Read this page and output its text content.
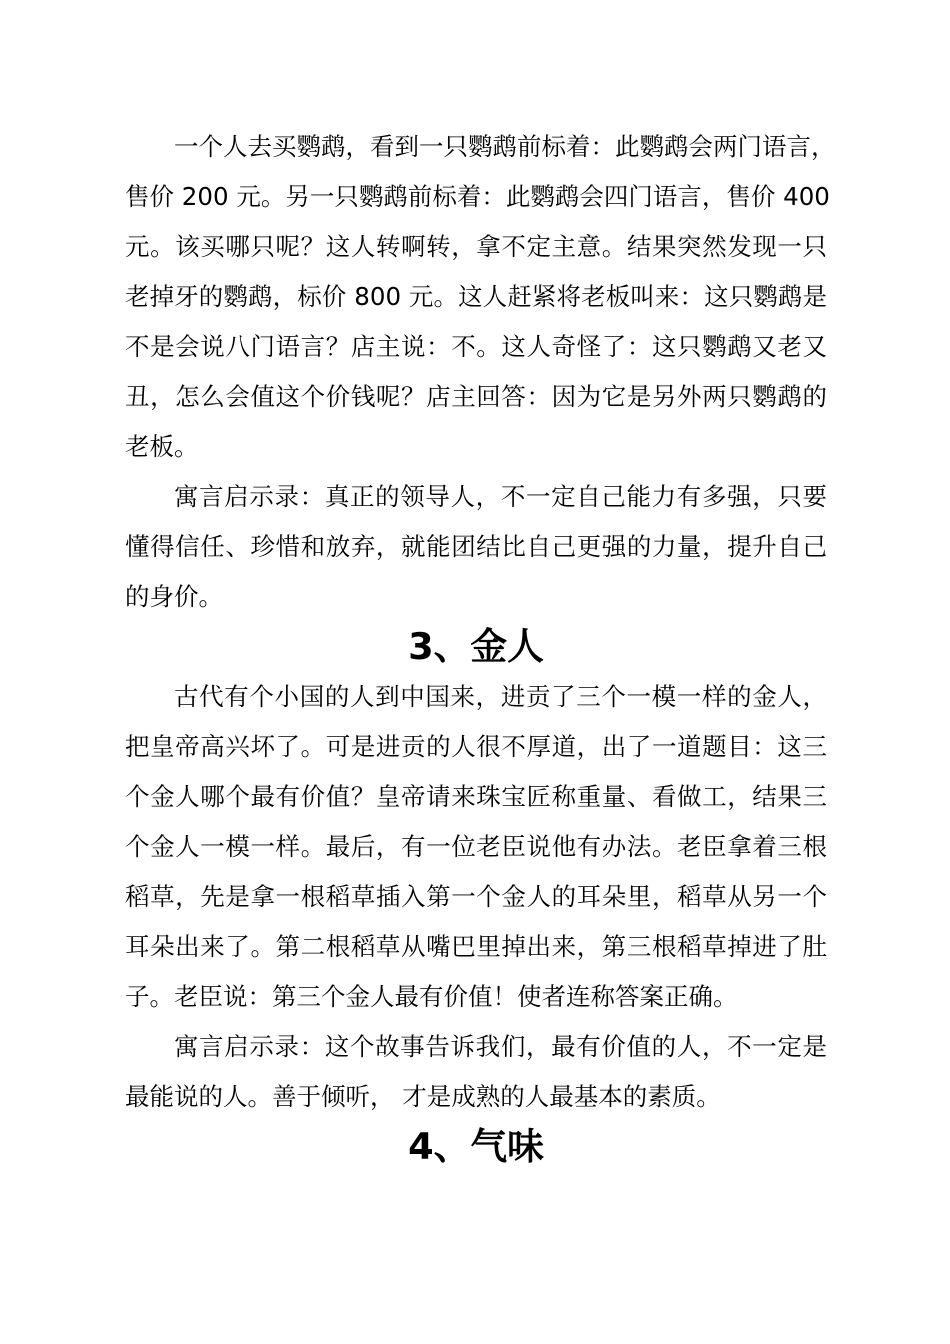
一个人去买鹦鹉，看到一只鹦鹉前标着：此鹦鹉会两门语言，
售价 200 元。另一只鹦鹉前标着：此鹦鹉会四门语言，售价 400
元。该买哪只呢？这人转啊转，拿不定主意。结果突然发现一只
老掉牙的鹦鹉，标价 800 元。这人赶紧将老板叫来：这只鹦鹉是
不是会说八门语言？店主说：不。这人奇怪了：这只鹦鹉又老又
丑，怎么会值这个价钱呢？店主回答：因为它是另外两只鹦鹉的
老板。
寓言启示录：真正的领导人，不一定自己能力有多强，只要
懂得信任、珍惜和放弃，就能团结比自己更强的力量，提升自己
的身价。
3、金人
古代有个小国的人到中国来，进贡了三个一模一样的金人，
把皇帝高兴坏了。可是进贡的人很不厚道，出了一道题目：这三
个金人哪个最有价值？皇帝请来珠宝匠称重量、看做工，结果三
个金人一模一样。最后，有一位老臣说他有办法。老臣拿着三根
稻草，先是拿一根稻草插入第一个金人的耳朵里，稻草从另一个
耳朵出来了。第二根稻草从嘴巴里掉出来，第三根稻草掉进了肚
子。老臣说：第三个金人最有价值！使者连称答案正确。
寓言启示录：这个故事告诉我们，最有价值的人，不一定是
最能说的人。善于倾听， 才是成熟的人最基本的素质。
4、气味
